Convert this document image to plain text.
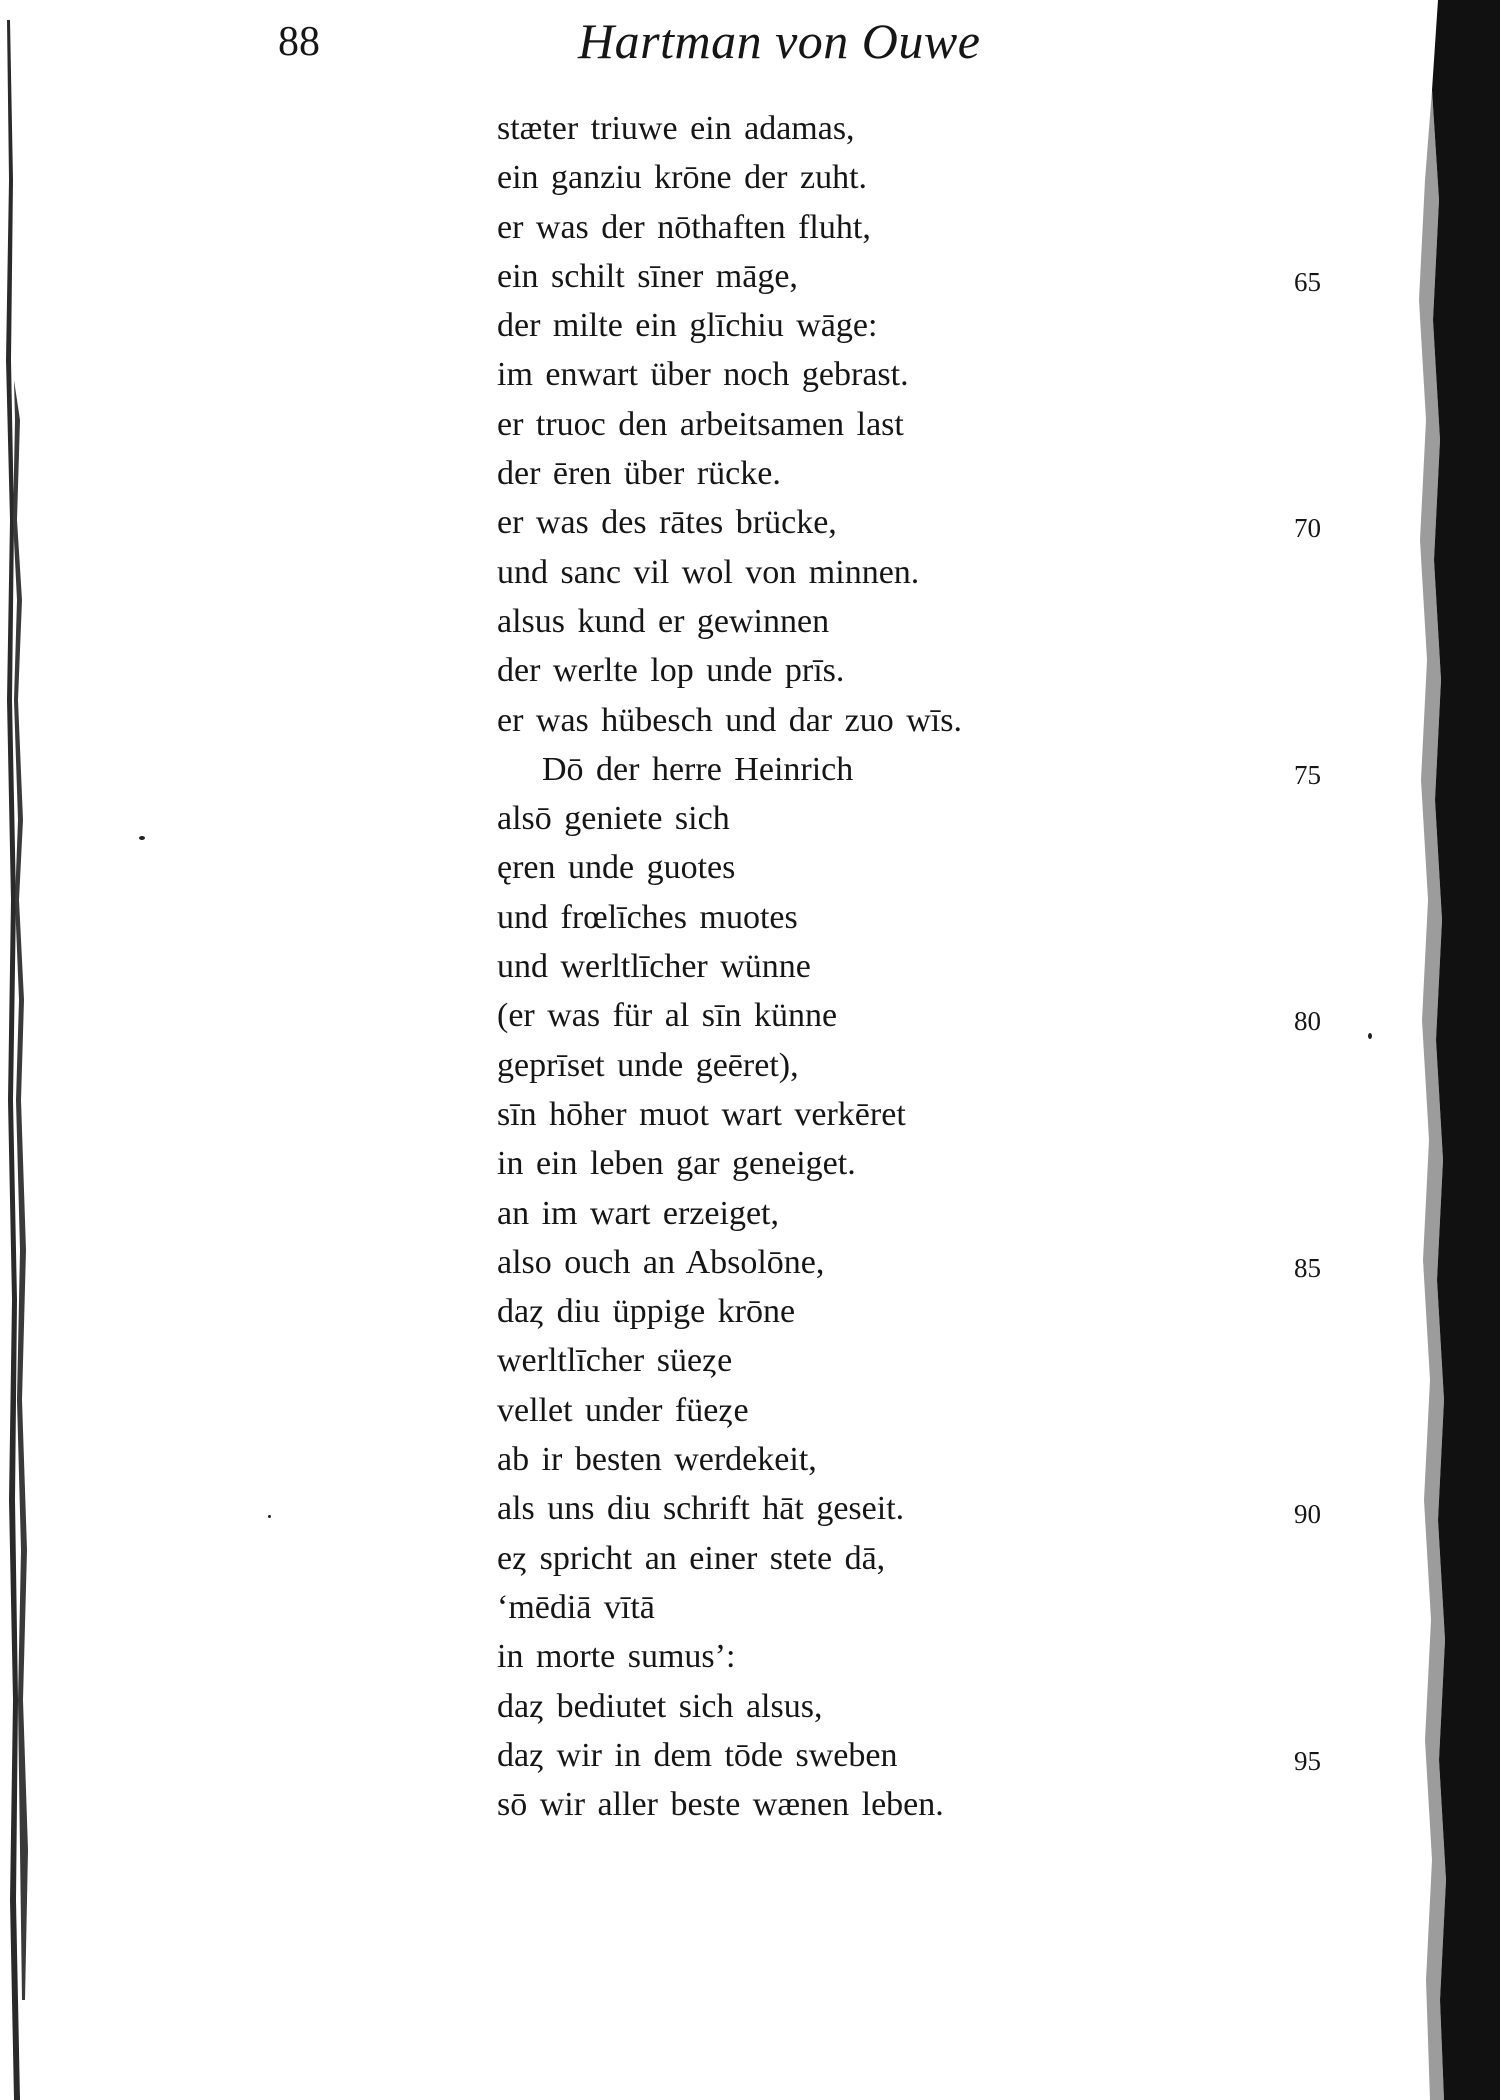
88	Hartman von Ouwe
stæter triuwe ein adamas,
ein ganziu krōne der zuht.
er was der nōthaften fluht,
ein schilt sīner māge,	65
der milte ein glīchiu wāge:
im enwart über noch gebrast.
er truoc den arbeitsamen last
der ēren über rücke.
er was des rātes brücke,	70
und sanc vil wol von minnen.
alsus kund er gewinnen
der werlte lop unde prīs.
er was hübesch und dar zuo wīs.
Dō der herre Heinrich	75
alsō geniete sich
ęren unde guotes
und frœlīches muotes
und werltlīcher wünne
(er was für al sīn künne	80
geprīset unde geēret),
sīn hōher muot wart verkēret
in ein leben gar geneiget.
an im wart erzeiget,
also ouch an Absolōne,	85
daȥ diu üppige krōne
werltlīcher süeȥe
vellet under füeȥe
ab ir besten werdekeit,
als uns diu schrift hāt geseit.	90
eȥ spricht an einer stete dā,
‘mēdiā vītā
in morte sumus’:
daȥ bediutet sich alsus,
daȥ wir in dem tōde sweben	95
sō wir aller beste wænen leben.
